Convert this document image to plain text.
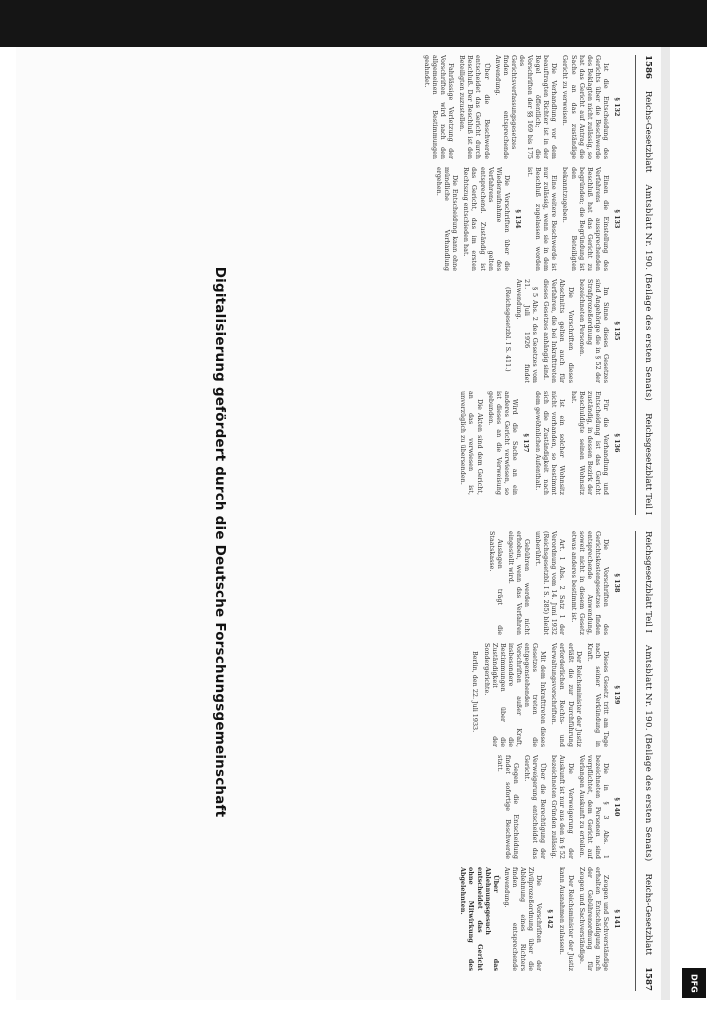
1586
Reichs-Gesetzblatt
Amtsblatt Nr. 190. (Beilage des ersten Senats)
Reichsgesetzblatt Teil I
Reichsgesetzblatt Teil I
Amtsblatt Nr. 190. (Beilage des ersten Senats)
Reichs-Gesetzblatt
1587

§ 132

Ist die Entscheidung des Gerichts über die Beschwerde des Beklagten nicht zulässig, so hat das Gericht auf Antrag die Sache an das zuständige Gericht zu verweisen.

Die Verhandlung vor dem beauftragten Richter ist in der Regel öffentlich; die Vorschriften der §§ 169 bis 175 des Gerichtsverfassungsgesetzes finden entsprechende Anwendung.

Über die Beschwerde entscheidet das Gericht durch Beschluß. Der Beschluß ist den Beteiligten zuzustellen.

Fahrlässige Verletzung der Vorschriften wird nach den allgemeinen Bestimmungen geahndet.

§ 133

Einen die Einstellung des Verfahrens aussprechenden Beschluß hat das Gericht zu begründen; die Begründung ist den Beteiligten bekanntzugeben.

Eine weitere Beschwerde ist nur zulässig, wenn sie in dem Beschluß zugelassen worden ist.

§ 134

Die Vorschriften über die Wiederaufnahme des Verfahrens gelten entsprechend. Zuständig ist das Gericht, das im ersten Rechtszug entschieden hat.

Die Entscheidung kann ohne mündliche Verhandlung ergehen.

§ 135

Im Sinne dieses Gesetzes sind Angehörige die in § 52 der Strafprozeßordnung bezeichneten Personen.

Die Vorschriften dieses Abschnitts gelten auch für Verfahren, die bei Inkrafttreten dieses Gesetzes anhängig sind.

§ 5 Abs. 2 des Gesetzes vom 21. Juli 1926 findet Anwendung.

(Reichsgesetzbl. I S. 411.)

§ 136

Für die Verhandlung und Entscheidung ist das Gericht zuständig, in dessen Bezirk der Beschuldigte seinen Wohnsitz hat.

Ist ein solcher Wohnsitz nicht vorhanden, so bestimmt sich die Zuständigkeit nach dem gewöhnlichen Aufenthalt.

§ 137

Wird die Sache an ein anderes Gericht verwiesen, so ist dieses an die Verweisung gebunden.

Die Akten sind dem Gericht, an das verwiesen ist, unverzüglich zu übersenden.

§ 138

Die Vorschriften des Gerichtskostengesetzes finden entsprechende Anwendung, soweit nicht in diesem Gesetz etwas anderes bestimmt ist.

Art. 1 Abs. 2 Satz 1 der Verordnung vom 14. Juni 1932 (Reichsgesetzbl. I S. 285) bleibt unberührt.

Gebühren werden nicht erhoben, wenn das Verfahren eingestellt wird.

Auslagen trägt die Staatskasse.

§ 139

Dieses Gesetz tritt am Tage nach seiner Verkündung in Kraft.

Der Reichsminister der Justiz erläßt die zur Durchführung erforderlichen Rechts- und Verwaltungsvorschriften.

Mit dem Inkrafttreten dieses Gesetzes treten die entgegenstehenden Vorschriften außer Kraft, insbesondere die Bestimmungen über die Zuständigkeit der Sondergerichte.

Berlin, den 22. Juli 1933.

§ 140

Die in § 3 Abs. 1 bezeichneten Personen sind verpflichtet, dem Gericht auf Verlangen Auskunft zu erteilen.

Die Verweigerung der Auskunft ist nur aus den in § 52 bezeichneten Gründen zulässig.

Über die Berechtigung der Verweigerung entscheidet das Gericht.

Gegen die Entscheidung findet sofortige Beschwerde statt.

§ 141

Zeugen und Sachverständige erhalten Entschädigung nach der Gebührenordnung für Zeugen und Sachverständige.

Der Reichsminister der Justiz kann Ausnahmen zulassen.

§ 142

Die Vorschriften der Zivilprozeßordnung über die Ablehnung eines Richters finden entsprechende Anwendung.

Über das Ablehnungsgesuch entscheidet das Gericht ohne Mitwirkung des Abgelehnten.

Digitalisierung gefördert durch die Deutsche Forschungsgemeinschaft
DFG
